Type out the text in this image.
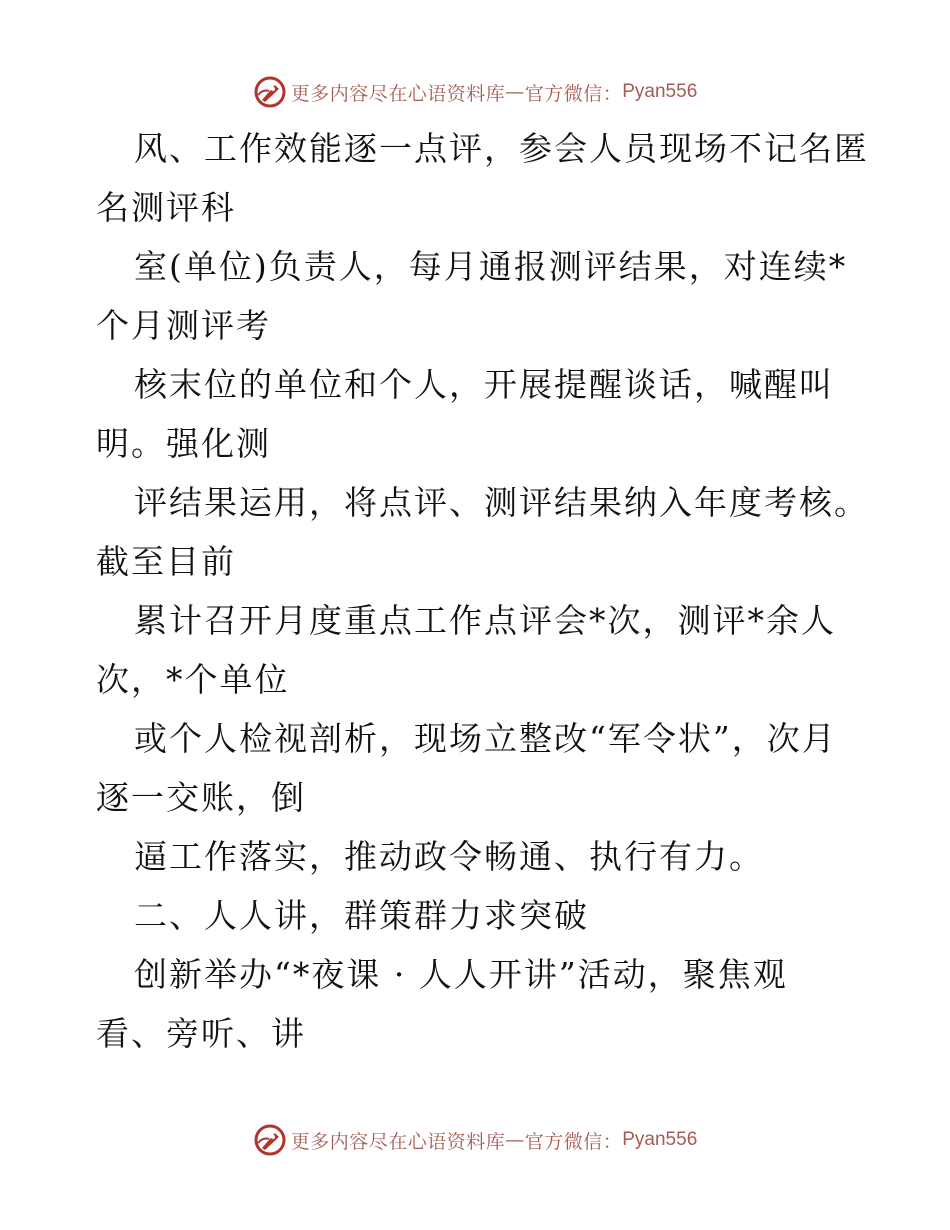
更多内容尽在心语资料库 — 官方微信： Pyan556
风、工作效能逐一点评，参会人员现场不记名匿
名测评科
室(单位)负责人，每月通报测评结果，对连续*
个月测评考
核末位的单位和个人，开展提醒谈话，喊醒叫
明。强化测
评结果运用，将点评、测评结果纳入年度考核。
截至目前
累计召开月度重点工作点评会*次，测评*余人
次，*个单位
或个人检视剖析，现场立整改“军令状”，次月
逐一交账，倒
逼工作落实，推动政令畅通、执行有力。
二、人人讲，群策群力求突破
创新举办“*夜课 · 人人开讲”活动，聚焦观
看、旁听、讲
更多内容尽在心语资料库 — 官方微信： Pyan556
